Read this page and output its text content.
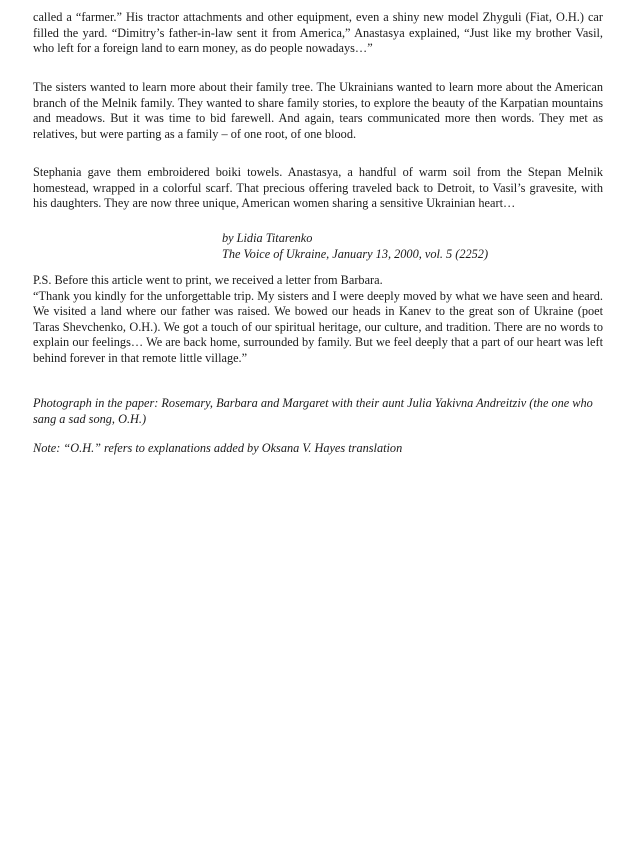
called a “farmer.” His tractor attachments and other equipment, even a shiny new model Zhyguli (Fiat, O.H.) car filled the yard. “Dimitry’s father-in-law sent it from America,” Anastasya explained, “Just like my brother Vasil, who left for a foreign land to earn money, as do people nowadays…”

The sisters wanted to learn more about their family tree. The Ukrainians wanted to learn more about the American branch of the Melnik family. They wanted to share family stories, to explore the beauty of the Karpatian mountains and meadows. But it was time to bid farewell. And again, tears communicated more then words. They met as relatives, but were parting as a family – of one root, of one blood.

Stephania gave them embroidered boiki towels. Anastasya, a handful of warm soil from the Stepan Melnik homestead, wrapped in a colorful scarf. That precious offering traveled back to Detroit, to Vasil’s gravesite, with his daughters. They are now three unique, American women sharing a sensitive Ukrainian heart…

by Lidia Titarenko
The Voice of Ukraine, January 13, 2000, vol. 5 (2252)
P.S. Before this article went to print, we received a letter from Barbara.
“Thank you kindly for the unforgettable trip. My sisters and I were deeply moved by what we have seen and heard. We visited a land where our father was raised. We bowed our heads in Kanev to the great son of Ukraine (poet Taras Shevchenko, O.H.). We got a touch of our spiritual heritage, our culture, and tradition. There are no words to explain our feelings… We are back home, surrounded by family. But we feel deeply that a part of our heart was left behind forever in that remote little village.”
Photograph in the paper: Rosemary, Barbara and Margaret with their aunt Julia Yakivna Andreitziv (the one who sang a sad song, O.H.)
Note: “O.H.” refers to explanations added by Oksana V. Hayes translation
